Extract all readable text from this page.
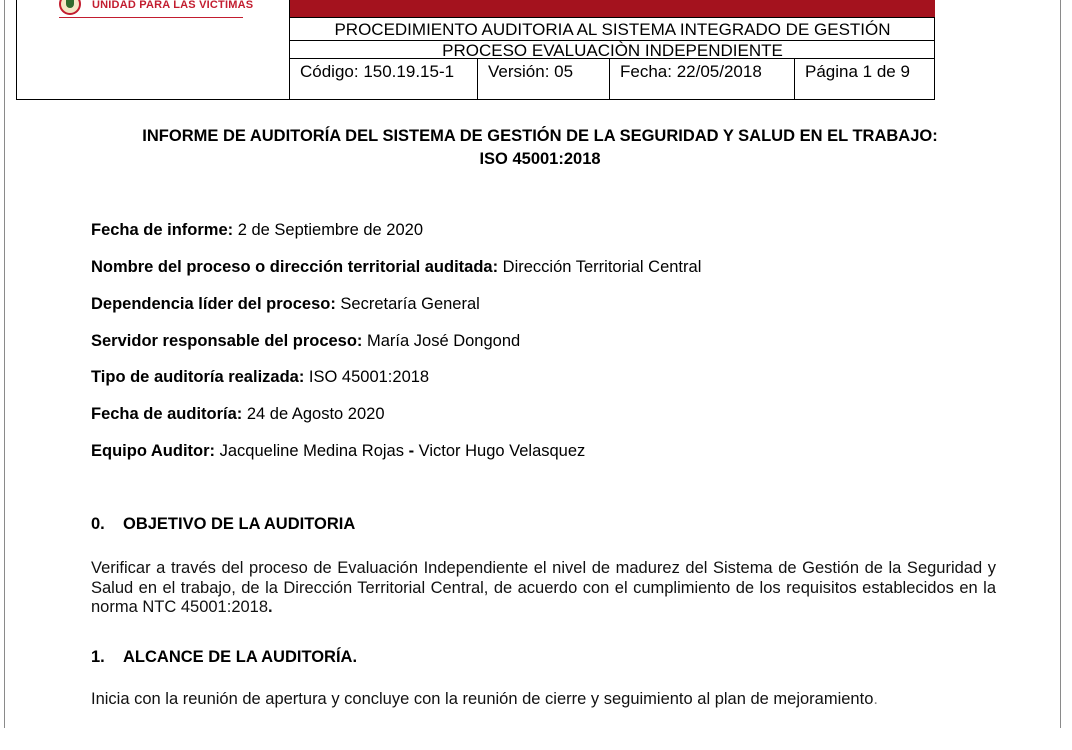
UNIDAD PARA LAS VÍCTIMAS
PROCEDIMIENTO AUDITORIA AL SISTEMA INTEGRADO DE GESTIÓN
PROCESO EVALUACIÒN INDEPENDIENTE
Código: 150.19.15-1	Versión: 05	Fecha: 22/05/2018	Página 1 de 9
INFORME DE AUDITORÍA DEL SISTEMA DE GESTIÓN DE LA SEGURIDAD Y SALUD EN EL TRABAJO:
ISO 45001:2018
Fecha de informe: 2 de Septiembre de 2020
Nombre del proceso o dirección territorial auditada: Dirección Territorial Central
Dependencia líder del proceso: Secretaría General
Servidor responsable del proceso: María José Dongond
Tipo de auditoría realizada: ISO 45001:2018
Fecha de auditoría: 24 de Agosto 2020
Equipo Auditor: Jacqueline Medina Rojas - Victor Hugo Velasquez
0. OBJETIVO DE LA AUDITORIA
Verificar a través del proceso de Evaluación Independiente el nivel de madurez del Sistema de Gestión de la Seguridad y Salud en el trabajo, de la Dirección Territorial Central, de acuerdo con el cumplimiento de los requisitos establecidos en la norma NTC 45001:2018.
1. ALCANCE DE LA AUDITORÍA.
Inicia con la reunión de apertura y concluye con la reunión de cierre y seguimiento al plan de mejoramiento.
